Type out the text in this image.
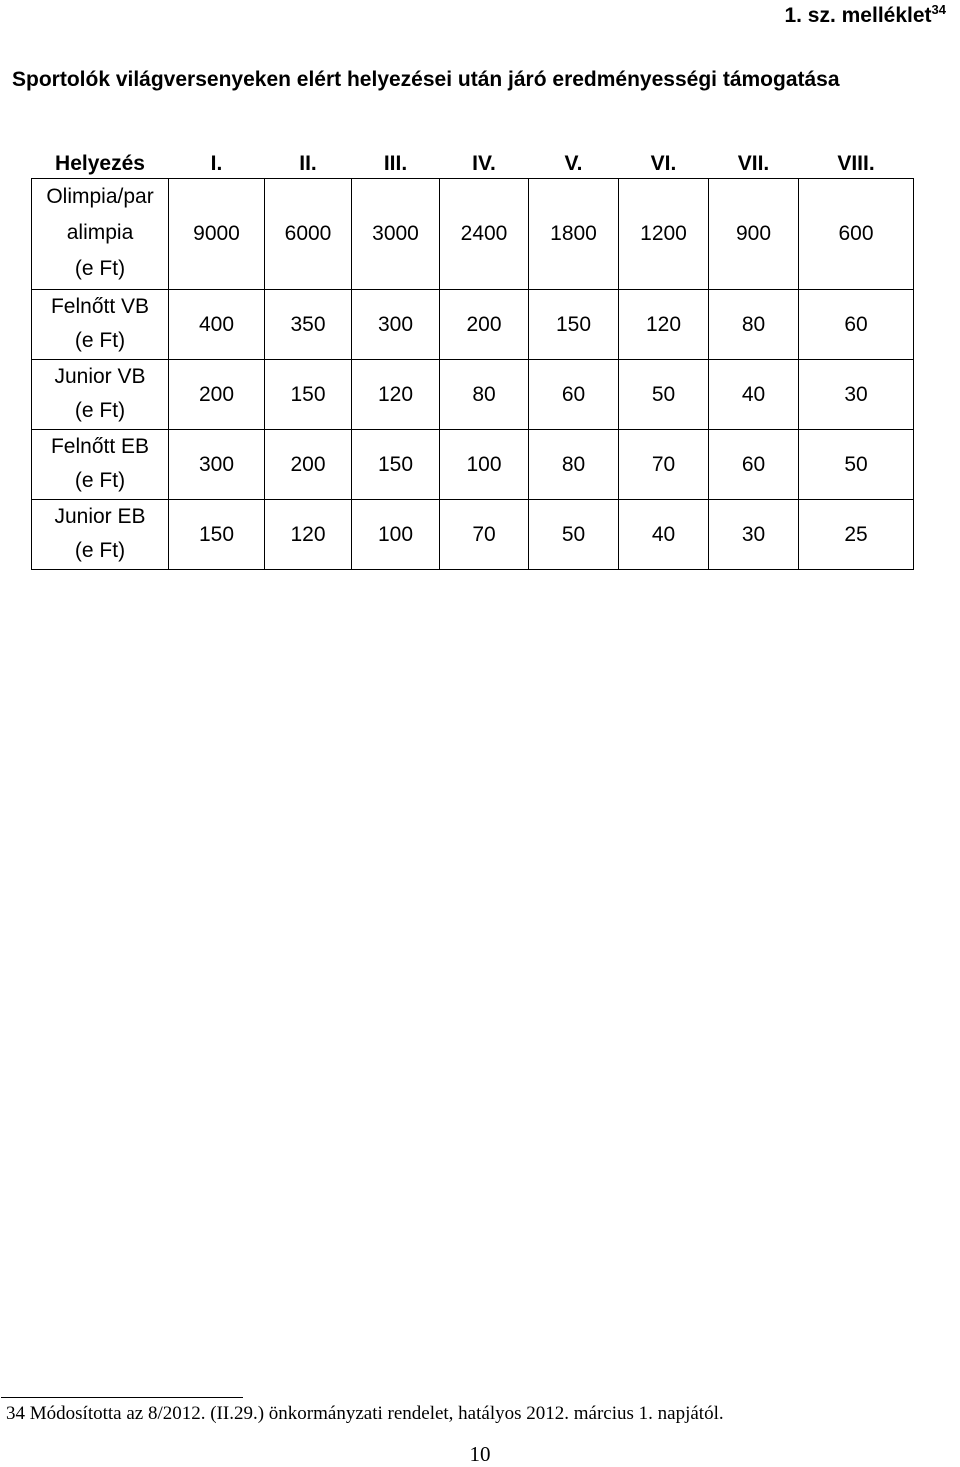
1. sz. melléklet$^{34}$
Sportolók világversenyeken elért helyezései után járó eredményességi támogatása
Helyezés	I.	II.	III.	IV.	V.	VI.	VII.	VIII.

Olimpia/par
alimpia
(e Ft)	9000	6000	3000	2400	1800	1200	900	600

Felnőtt VB
(e Ft)	400	350	300	200	150	120	80	60

Junior VB
(e Ft)	200	150	120	80	60	50	40	30

Felnőtt EB
(e Ft)	300	200	150	100	80	70	60	50

Junior EB
(e Ft)	150	120	100	70	50	40	30	25
34 Módosította az 8/2012. (II.29.) önkormányzati rendelet, hatályos 2012. március 1. napjától.
10
